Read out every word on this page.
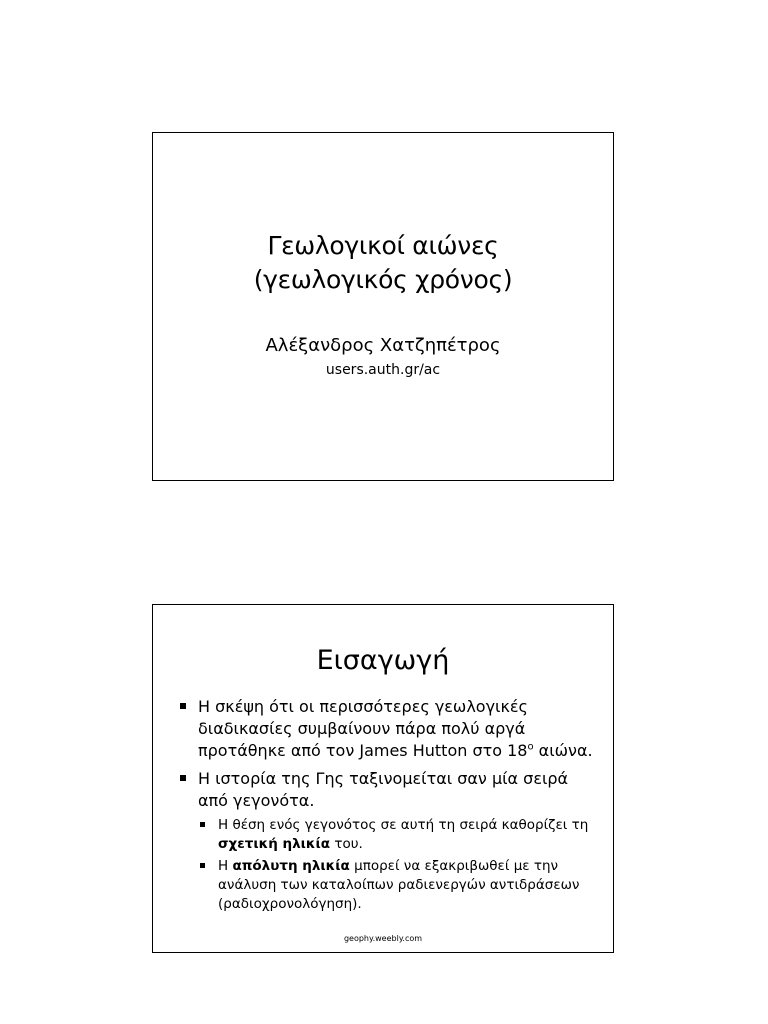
Γεωλογικοί αιώνες
(γεωλογικός χρόνος)
Αλέξανδρος Χατζηπέτρος
users.auth.gr/ac
Εισαγωγή
Η σκέψη ότι οι περισσότερες γεωλογικές διαδικασίες συμβαίνουν πάρα πολύ αργά προτάθηκε από τον James Hutton στο $18^o$ αιώνα.
Η ιστορία της Γης ταξινομείται σαν μία σειρά από γεγονότα.
Η θέση ενός γεγονότος σε αυτή τη σειρά καθορίζει τη σχετική ηλικία του.
Η απόλυτη ηλικία μπορεί να εξακριβωθεί με την ανάλυση των καταλοίπων ραδιενεργών αντιδράσεων (ραδιοχρονολόγηση).
geophy.weebly.com
